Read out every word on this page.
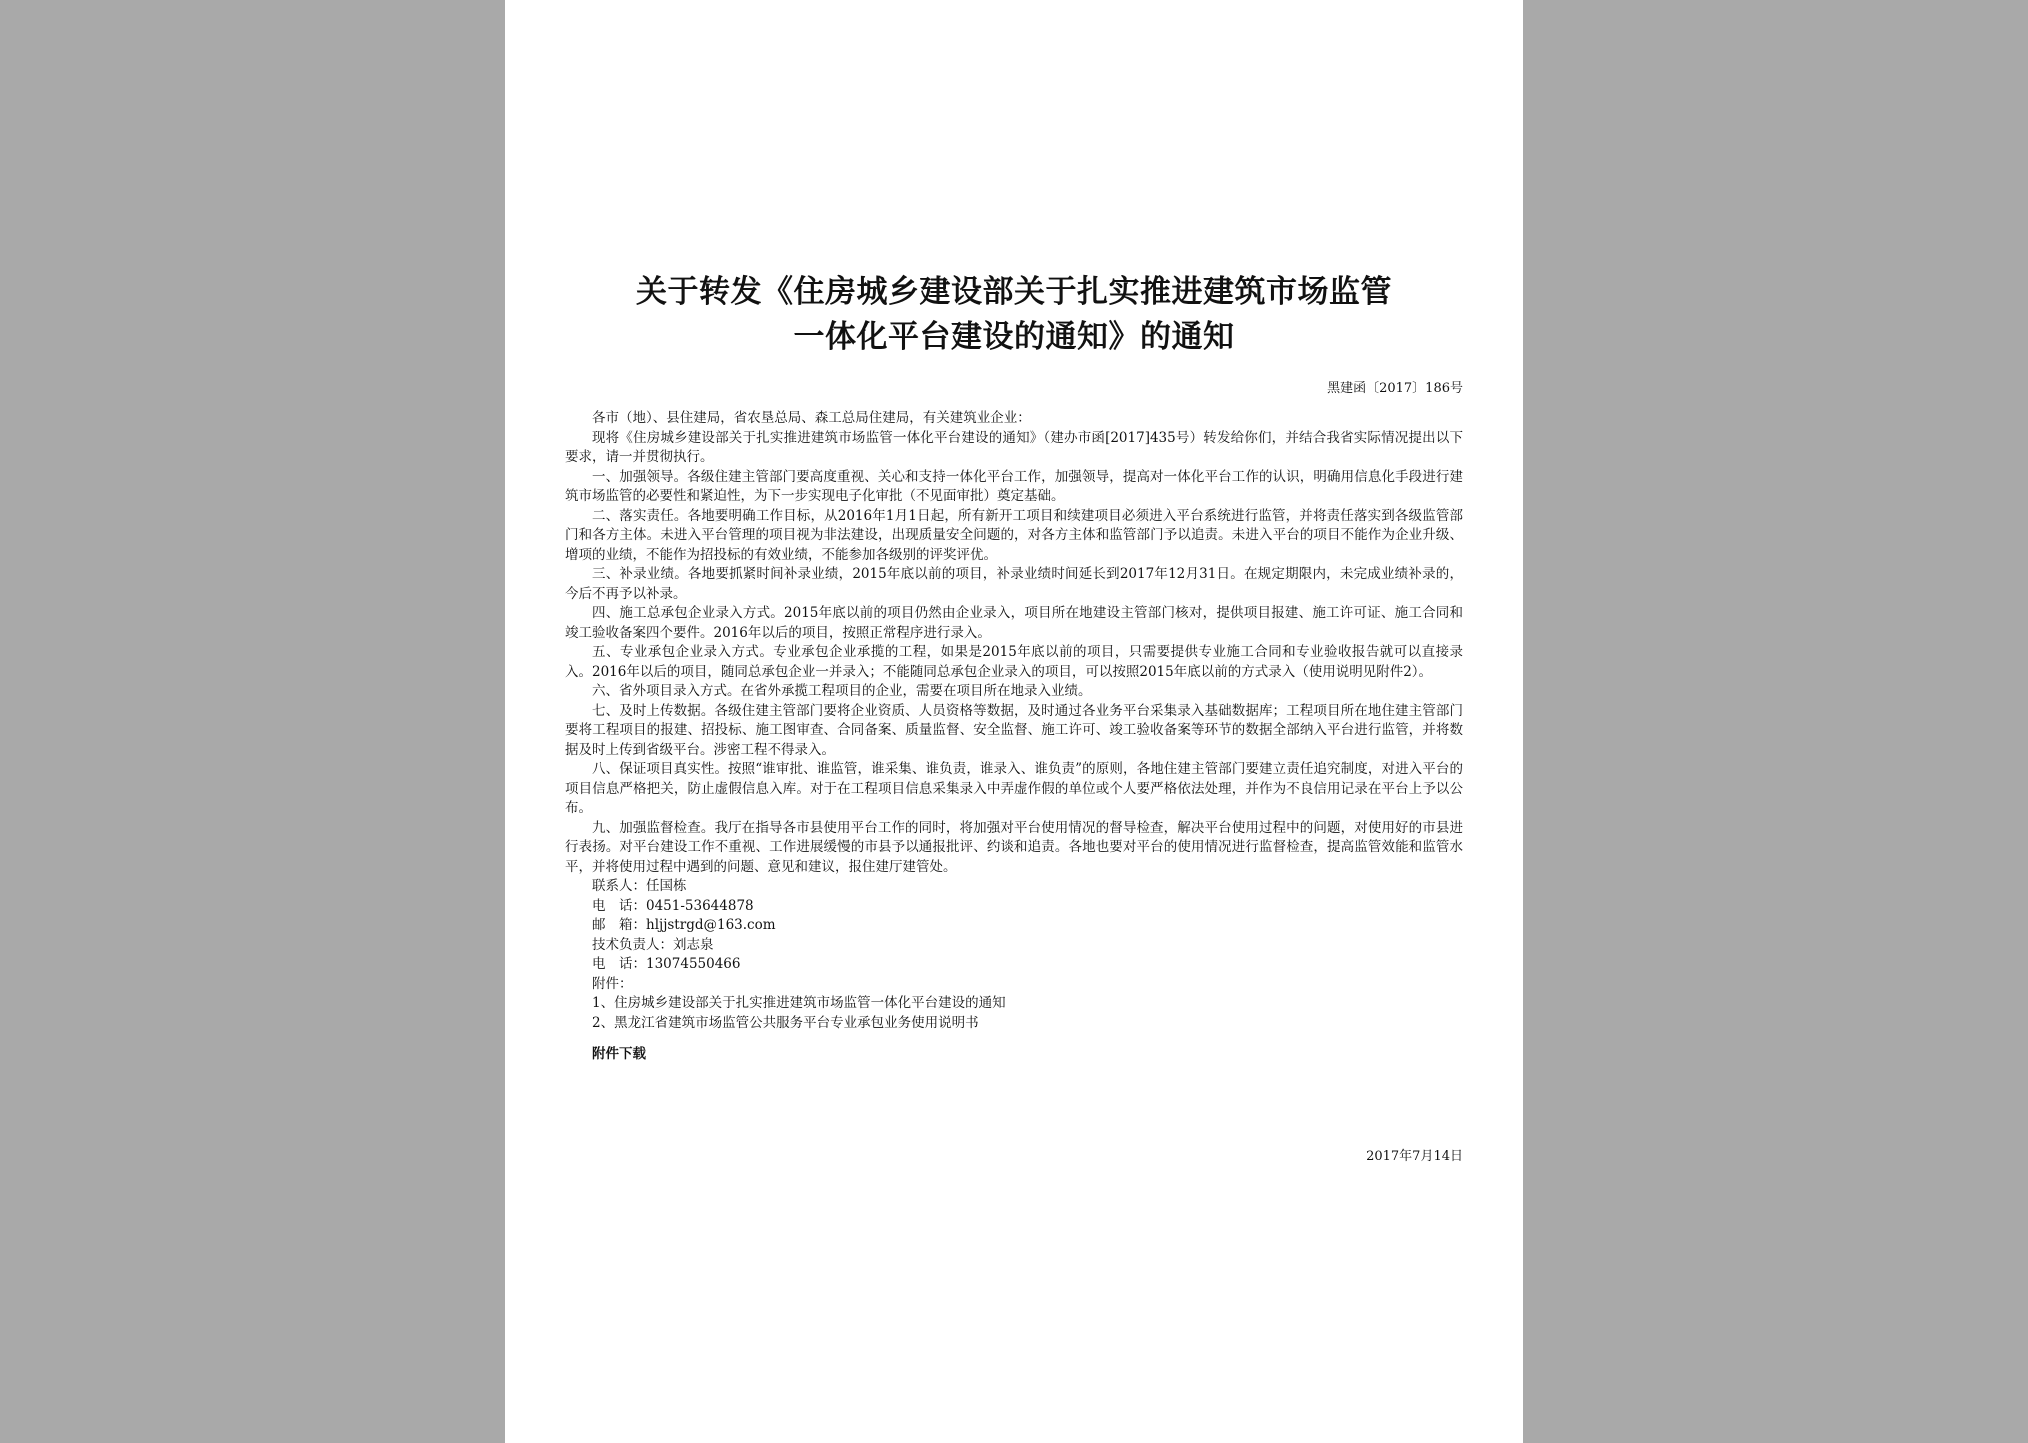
关于转发《住房城乡建设部关于扎实推进建筑市场监管
一体化平台建设的通知》的通知
黑建函〔2017〕186号

各市（地）、县住建局，省农垦总局、森工总局住建局，有关建筑业企业：

现将《住房城乡建设部关于扎实推进建筑市场监管一体化平台建设的通知》（建办市函[2017]435号）转发给你们，并结合我省实际情况提出以下要求，请一并贯彻执行。

一、加强领导。各级住建主管部门要高度重视、关心和支持一体化平台工作，加强领导，提高对一体化平台工作的认识，明确用信息化手段进行建筑市场监管的必要性和紧迫性，为下一步实现电子化审批（不见面审批）奠定基础。

二、落实责任。各地要明确工作目标，从2016年1月1日起，所有新开工项目和续建项目必须进入平台系统进行监管，并将责任落实到各级监管部门和各方主体。未进入平台管理的项目视为非法建设，出现质量安全问题的，对各方主体和监管部门予以追责。未进入平台的项目不能作为企业升级、增项的业绩，不能作为招投标的有效业绩，不能参加各级别的评奖评优。

三、补录业绩。各地要抓紧时间补录业绩，2015年底以前的项目，补录业绩时间延长到2017年12月31日。在规定期限内，未完成业绩补录的，今后不再予以补录。

四、施工总承包企业录入方式。2015年底以前的项目仍然由企业录入，项目所在地建设主管部门核对，提供项目报建、施工许可证、施工合同和竣工验收备案四个要件。2016年以后的项目，按照正常程序进行录入。

五、专业承包企业录入方式。专业承包企业承揽的工程，如果是2015年底以前的项目，只需要提供专业施工合同和专业验收报告就可以直接录入。2016年以后的项目，随同总承包企业一并录入；不能随同总承包企业录入的项目，可以按照2015年底以前的方式录入（使用说明见附件2）。

六、省外项目录入方式。在省外承揽工程项目的企业，需要在项目所在地录入业绩。

七、及时上传数据。各级住建主管部门要将企业资质、人员资格等数据，及时通过各业务平台采集录入基础数据库；工程项目所在地住建主管部门要将工程项目的报建、招投标、施工图审查、合同备案、质量监督、安全监督、施工许可、竣工验收备案等环节的数据全部纳入平台进行监管，并将数据及时上传到省级平台。涉密工程不得录入。

八、保证项目真实性。按照“谁审批、谁监管，谁采集、谁负责，谁录入、谁负责”的原则，各地住建主管部门要建立责任追究制度，对进入平台的项目信息严格把关，防止虚假信息入库。对于在工程项目信息采集录入中弄虚作假的单位或个人要严格依法处理，并作为不良信用记录在平台上予以公布。

九、加强监督检查。我厅在指导各市县使用平台工作的同时，将加强对平台使用情况的督导检查，解决平台使用过程中的问题，对使用好的市县进行表扬。对平台建设工作不重视、工作进展缓慢的市县予以通报批评、约谈和追责。各地也要对平台的使用情况进行监督检查，提高监管效能和监管水平，并将使用过程中遇到的问题、意见和建议，报住建厅建管处。

联系人：任国栋
电　话：0451-53644878
邮　箱：hljjstrgd@163.com
技术负责人：刘志泉
电　话：13074550466
附件：
1、住房城乡建设部关于扎实推进建筑市场监管一体化平台建设的通知
2、黑龙江省建筑市场监管公共服务平台专业承包业务使用说明书
附件下载
2017年7月14日
